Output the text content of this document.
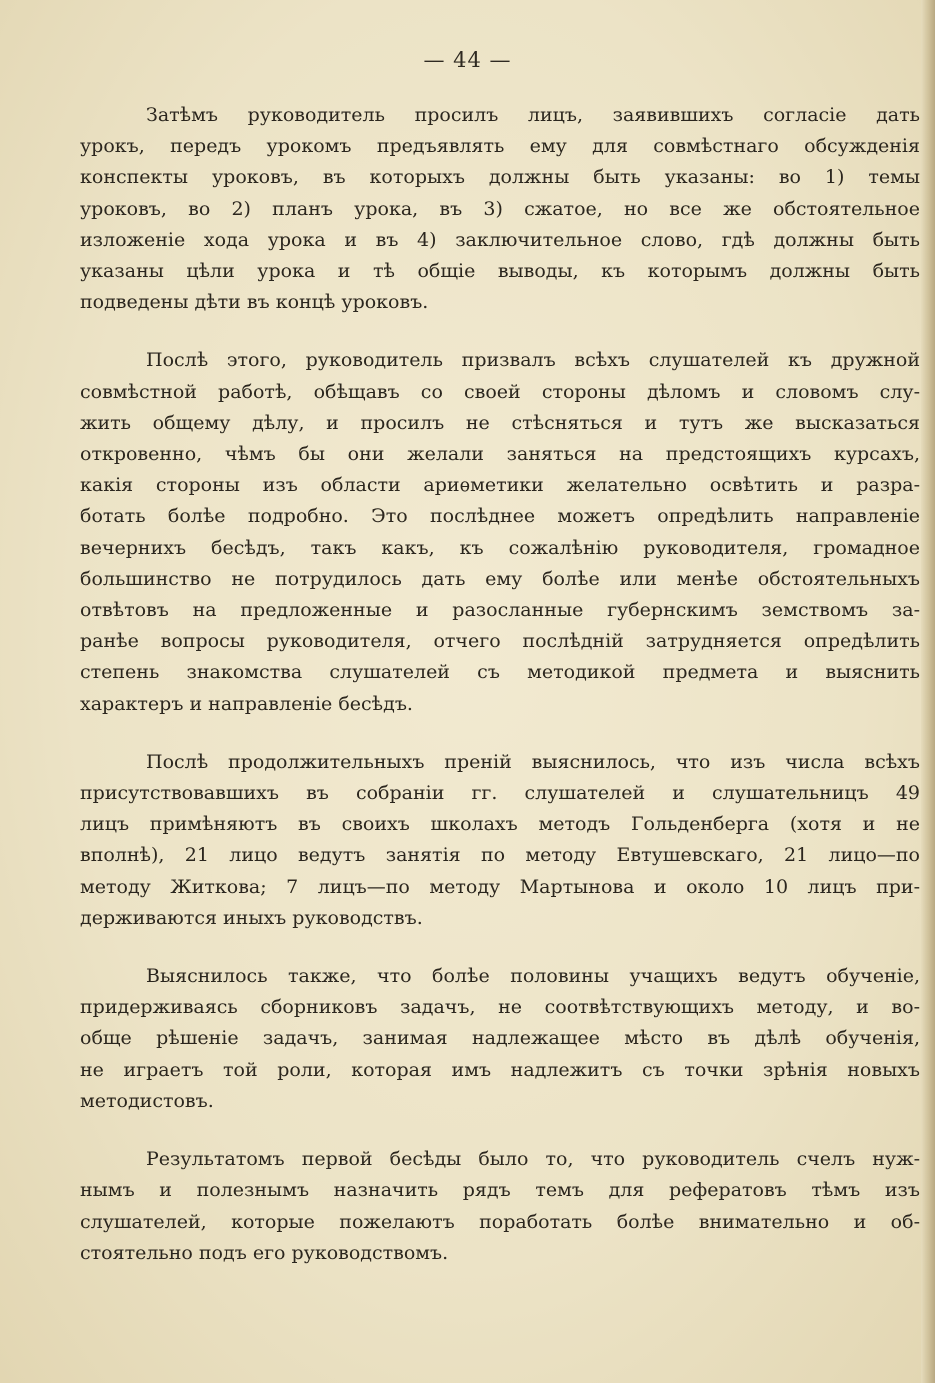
— 44 —
Затѣмъ руководитель просилъ лицъ, заявившихъ согласіе дать
урокъ, передъ урокомъ предъявлять ему для совмѣстнаго обсужденія
конспекты уроковъ, въ которыхъ должны быть указаны: во 1) темы
уроковъ, во 2) планъ урока, въ 3) сжатое, но все же обстоятельное
изложеніе хода урока и въ 4) заключительное слово, гдѣ должны быть
указаны цѣли урока и тѣ общіе выводы, къ которымъ должны быть
подведены дѣти въ концѣ уроковъ.
Послѣ этого, руководитель призвалъ всѣхъ слушателей къ дружной
совмѣстной работѣ, обѣщавъ со своей стороны дѣломъ и словомъ слу-
жить общему дѣлу, и просилъ не стѣсняться и тутъ же высказаться
откровенно, чѣмъ бы они желали заняться на предстоящихъ курсахъ,
какія стороны изъ области ариѳметики желательно освѣтить и разра-
ботать болѣе подробно. Это послѣднее можетъ опредѣлить направленіе
вечернихъ бесѣдъ, такъ какъ, къ сожалѣнію руководителя, громадное
большинство не потрудилось дать ему болѣе или менѣе обстоятельныхъ
отвѣтовъ на предложенные и разосланные губернскимъ земствомъ за-
ранѣе вопросы руководителя, отчего послѣдній затрудняется опредѣлить
степень знакомства слушателей съ методикой предмета и выяснить
характеръ и направленіе бесѣдъ.
Послѣ продолжительныхъ преній выяснилось, что изъ числа всѣхъ
присутствовавшихъ въ собраніи гг. слушателей и слушательницъ 49
лицъ примѣняютъ въ своихъ школахъ методъ Гольденберга (хотя и не
вполнѣ), 21 лицо ведутъ занятія по методу Евтушевскаго, 21 лицо—по
методу Житкова; 7 лицъ—по методу Мартынова и около 10 лицъ при-
держиваются иныхъ руководствъ.
Выяснилось также, что болѣе половины учащихъ ведутъ обученіе,
придерживаясь сборниковъ задачъ, не соотвѣтствующихъ методу, и во-
обще рѣшеніе задачъ, занимая надлежащее мѣсто въ дѣлѣ обученія,
не играетъ той роли, которая имъ надлежитъ съ точки зрѣнія новыхъ
методистовъ.
Результатомъ первой бесѣды было то, что руководитель счелъ нуж-
нымъ и полезнымъ назначить рядъ темъ для рефератовъ тѣмъ изъ
слушателей, которые пожелаютъ поработать болѣе внимательно и об-
стоятельно подъ его руководствомъ.
